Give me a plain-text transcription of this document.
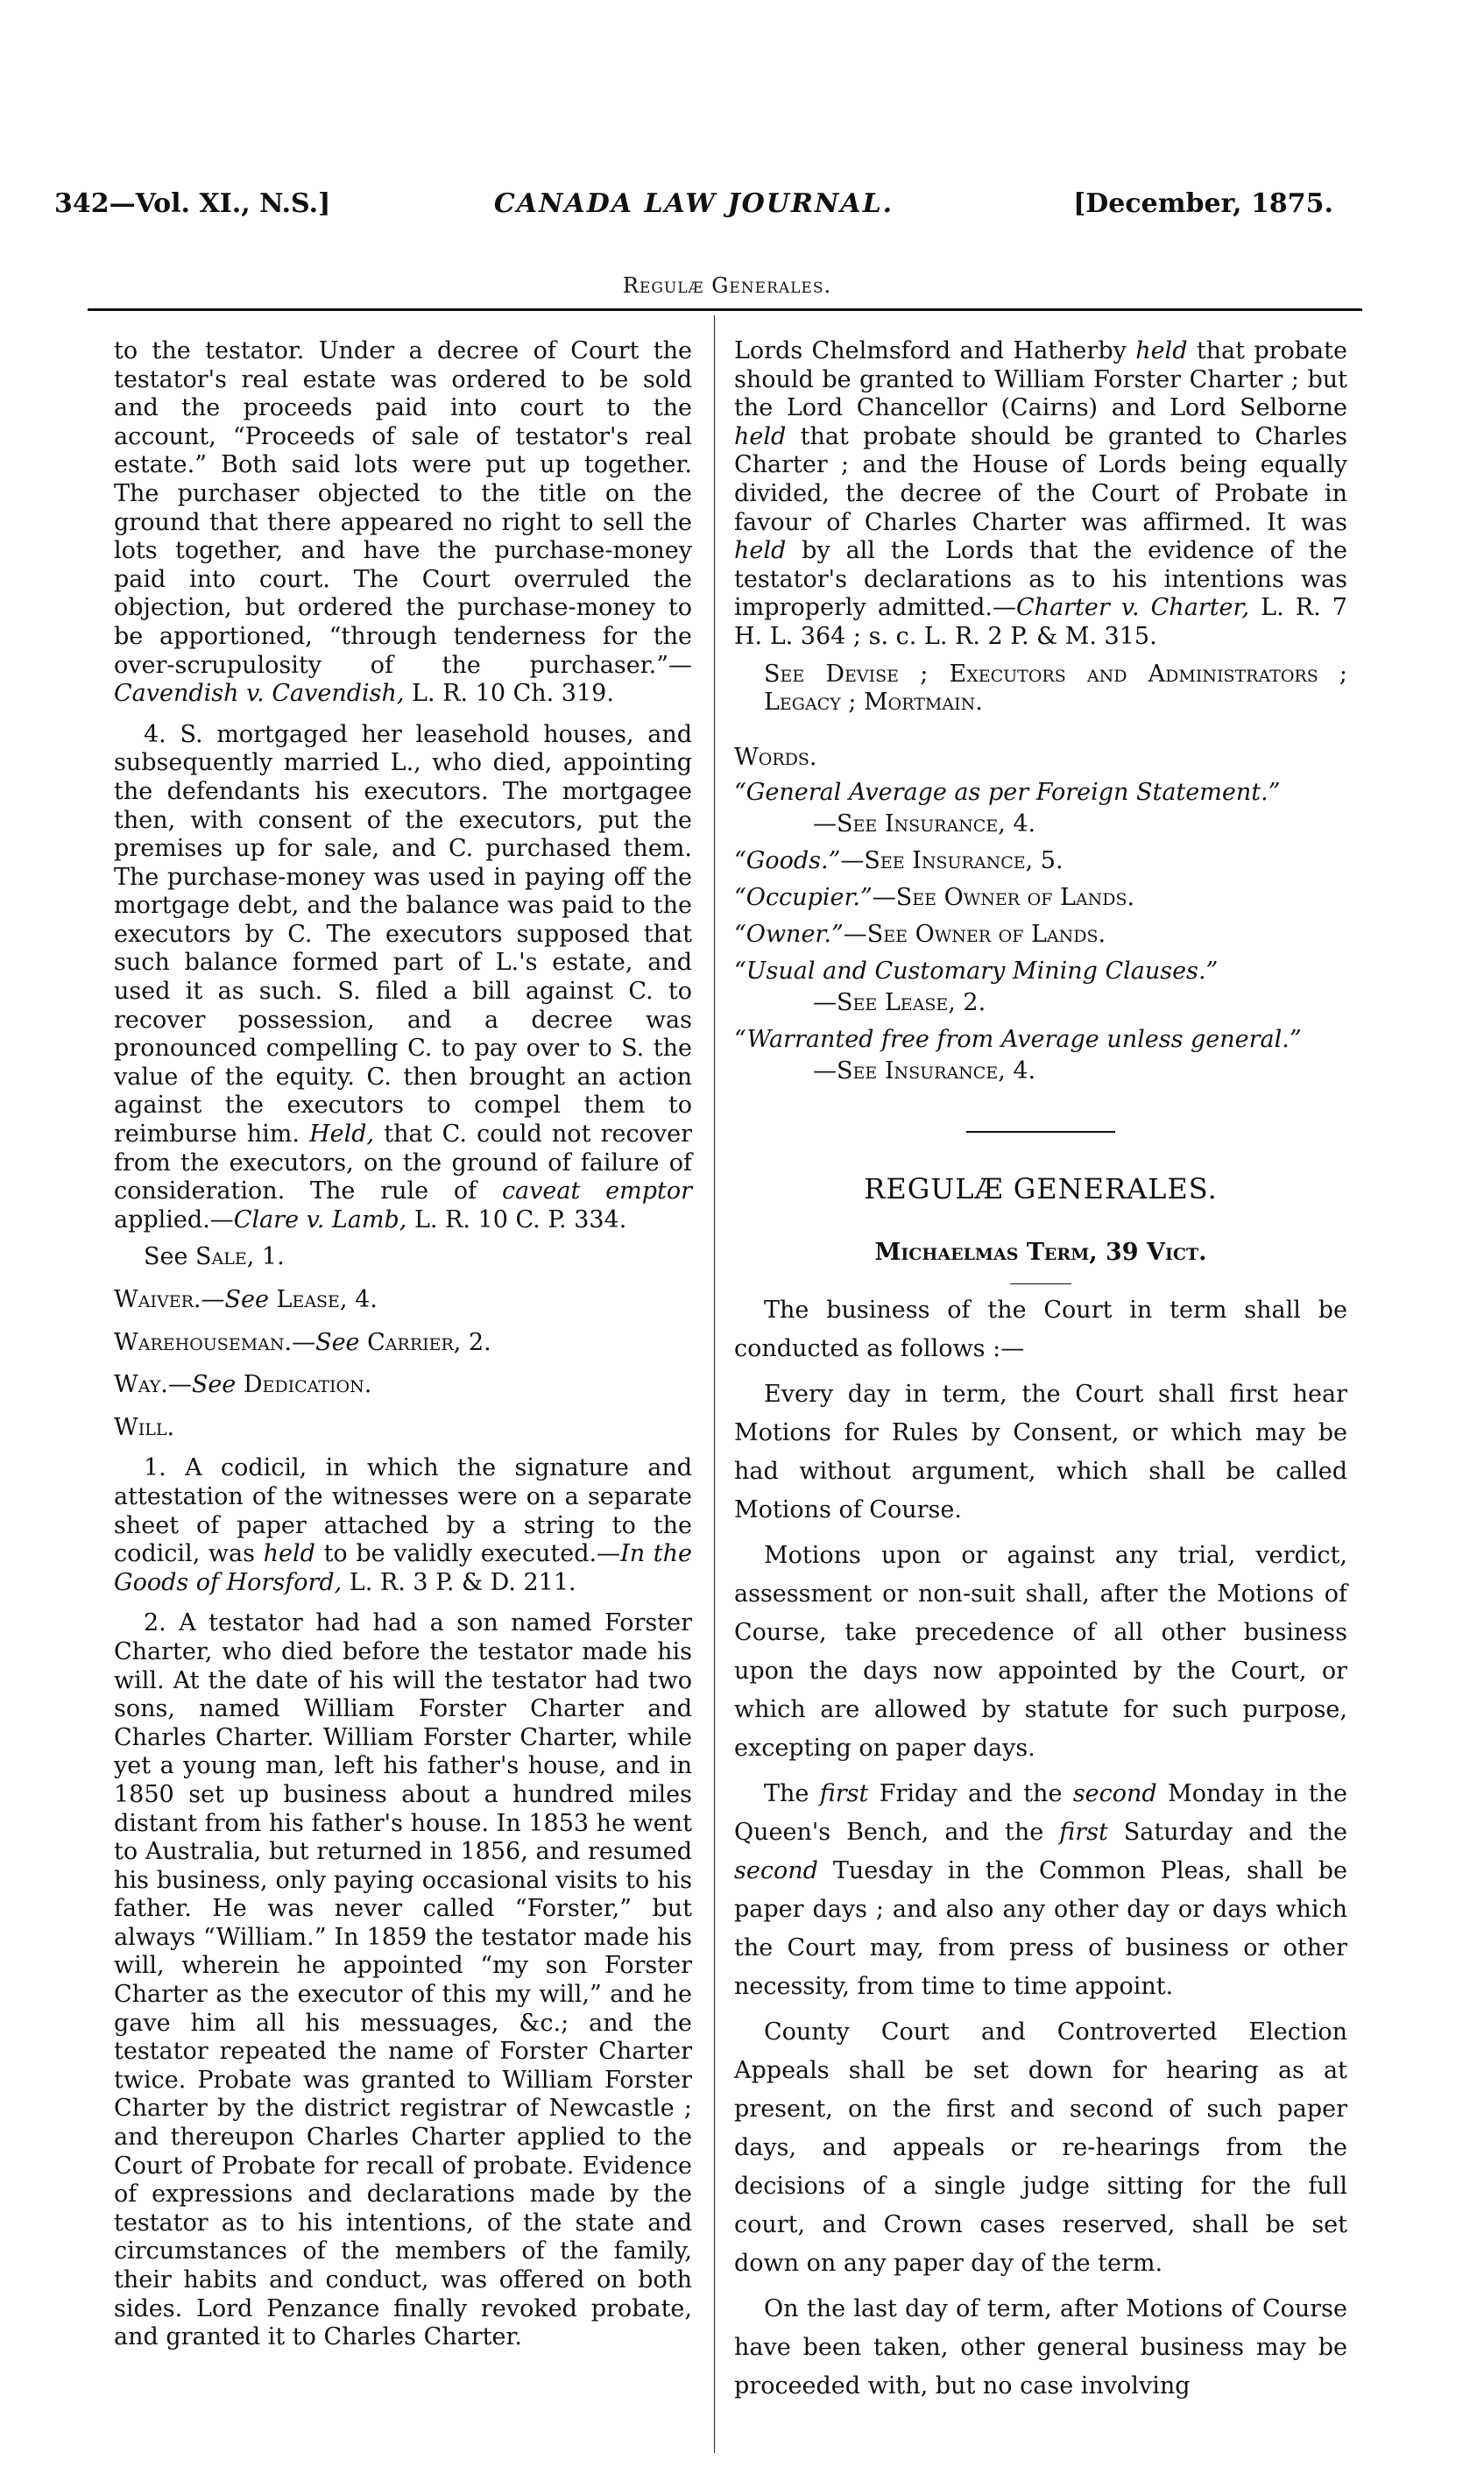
342—Vol. XI., N.S.]	CANADA LAW JOURNAL.	[December, 1875.
Regulæ Generales.

to the testator. Under a decree of Court the testator's real estate was ordered to be sold and the proceeds paid into court to the account, “Proceeds of sale of testator's real estate.” Both said lots were put up together. The purchaser objected to the title on the ground that there appeared no right to sell the lots together, and have the purchase-money paid into court. The Court overruled the objection, but ordered the purchase-money to be apportioned, “through tenderness for the over-scrupulosity of the purchaser.”—Cavendish v. Cavendish, L. R. 10 Ch. 319.

4. S. mortgaged her leasehold houses, and subsequently married L., who died, appointing the defendants his executors. The mortgagee then, with consent of the executors, put the premises up for sale, and C. purchased them. The purchase-money was used in paying off the mortgage debt, and the balance was paid to the executors by C. The executors supposed that such balance formed part of L.'s estate, and used it as such. S. filed a bill against C. to recover possession, and a decree was pronounced compelling C. to pay over to S. the value of the equity. C. then brought an action against the executors to compel them to reimburse him. Held, that C. could not recover from the executors, on the ground of failure of consideration. The rule of caveat emptor applied.—Clare v. Lamb, L. R. 10 C. P. 334.

See Sale, 1.

Waiver.—See Lease, 4.

Warehouseman.—See Carrier, 2.

Way.—See Dedication.

Will.

1. A codicil, in which the signature and attestation of the witnesses were on a separate sheet of paper attached by a string to the codicil, was held to be validly executed.—In the Goods of Horsford, L. R. 3 P. & D. 211.

2. A testator had had a son named Forster Charter, who died before the testator made his will. At the date of his will the testator had two sons, named William Forster Charter and Charles Charter. William Forster Charter, while yet a young man, left his father's house, and in 1850 set up business about a hundred miles distant from his father's house. In 1853 he went to Australia, but returned in 1856, and resumed his business, only paying occasional visits to his father. He was never called “Forster,” but always “William.” In 1859 the testator made his will, wherein he appointed “my son Forster Charter as the executor of this my will,” and he gave him all his messuages, &c.; and the testator repeated the name of Forster Charter twice. Probate was granted to William Forster Charter by the district registrar of Newcastle ; and thereupon Charles Charter applied to the Court of Probate for recall of probate. Evidence of expressions and declarations made by the testator as to his intentions, of the state and circumstances of the members of the family, their habits and conduct, was offered on both sides. Lord Penzance finally revoked probate, and granted it to Charles Charter.

Lords Chelmsford and Hatherby held that probate should be granted to William Forster Charter ; but the Lord Chancellor (Cairns) and Lord Selborne held that probate should be granted to Charles Charter ; and the House of Lords being equally divided, the decree of the Court of Probate in favour of Charles Charter was affirmed. It was held by all the Lords that the evidence of the testator's declarations as to his intentions was improperly admitted.—Charter v. Charter, L. R. 7 H. L. 364 ; s. c. L. R. 2 P. & M. 315.

See Devise ; Executors and Administrators ; Legacy ; Mortmain.

Words.

“General Average as per Foreign Statement.”
—See Insurance, 4.

“Goods.”—See Insurance, 5.

“Occupier.”—See Owner of Lands.

“Owner.”—See Owner of Lands.

“Usual and Customary Mining Clauses.”
—See Lease, 2.

“Warranted free from Average unless general.”
—See Insurance, 4.

REGULÆ GENERALES.
Michaelmas Term, 39 Vict.

The business of the Court in term shall be conducted as follows :—

Every day in term, the Court shall first hear Motions for Rules by Consent, or which may be had without argument, which shall be called Motions of Course.

Motions upon or against any trial, verdict, assessment or non-suit shall, after the Motions of Course, take precedence of all other business upon the days now appointed by the Court, or which are allowed by statute for such purpose, excepting on paper days.

The first Friday and the second Monday in the Queen's Bench, and the first Saturday and the second Tuesday in the Common Pleas, shall be paper days ; and also any other day or days which the Court may, from press of business or other necessity, from time to time appoint.

County Court and Controverted Election Appeals shall be set down for hearing as at present, on the first and second of such paper days, and appeals or re-hearings from the decisions of a single judge sitting for the full court, and Crown cases reserved, shall be set down on any paper day of the term.

On the last day of term, after Motions of Course have been taken, other general business may be proceeded with, but no case involving
